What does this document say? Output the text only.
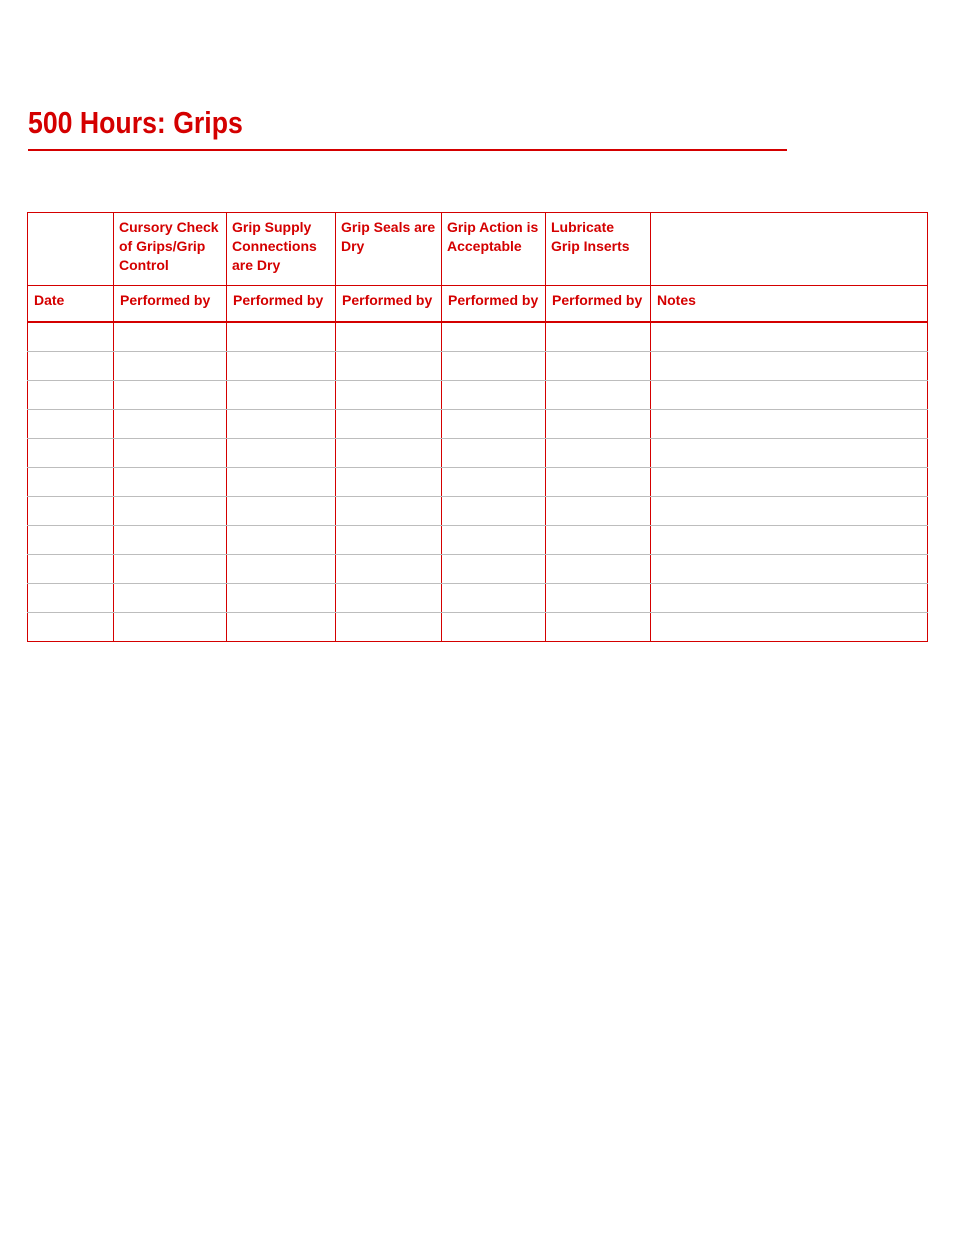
500 Hours: Grips
	Cursory Check of Grips/Grip Control	Grip Supply Connections are Dry	Grip Seals are Dry	Grip Action is Acceptable	Lubricate Grip Inserts	
Date	Performed by	Performed by	Performed by	Performed by	Performed by	Notes
